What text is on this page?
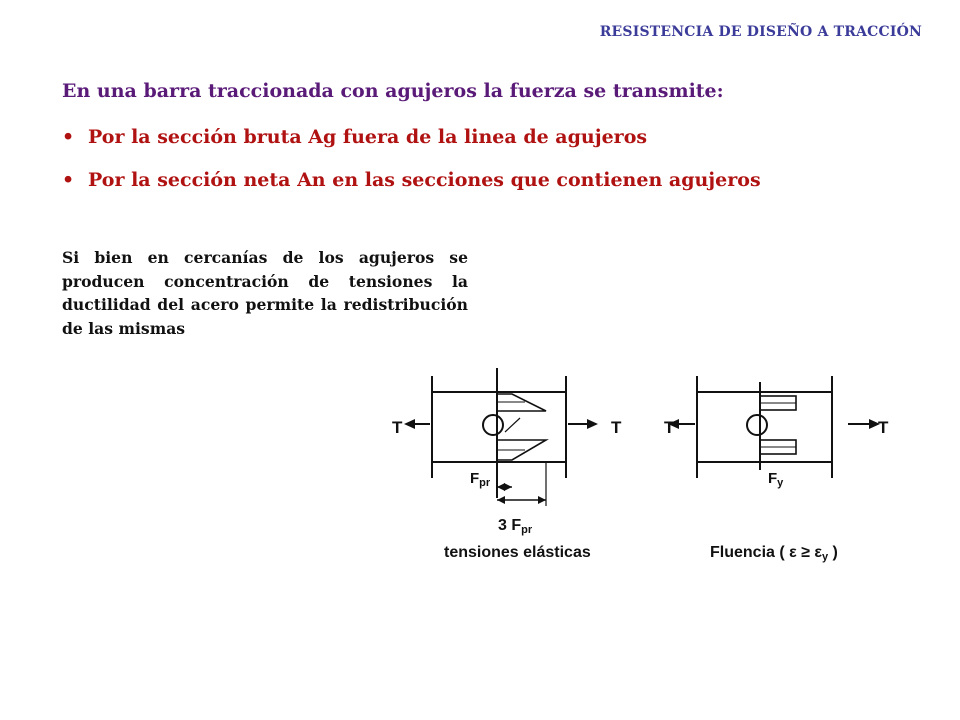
RESISTENCIA DE DISEÑO A TRACCIÓN
En una barra traccionada con agujeros la fuerza se transmite:
• Por la sección bruta Ag fuera de la linea de agujeros
• Por la sección neta An en las secciones que contienen agujeros
Si bien en cercanías de los agujeros se producen concentración de tensiones la ductilidad del acero permite la redistribución de las mismas
T	T
$F_{pr}$
3 Fpr
tensiones elásticas
T	T
$F_y$
Fluencia ( ε ≥ εy )
